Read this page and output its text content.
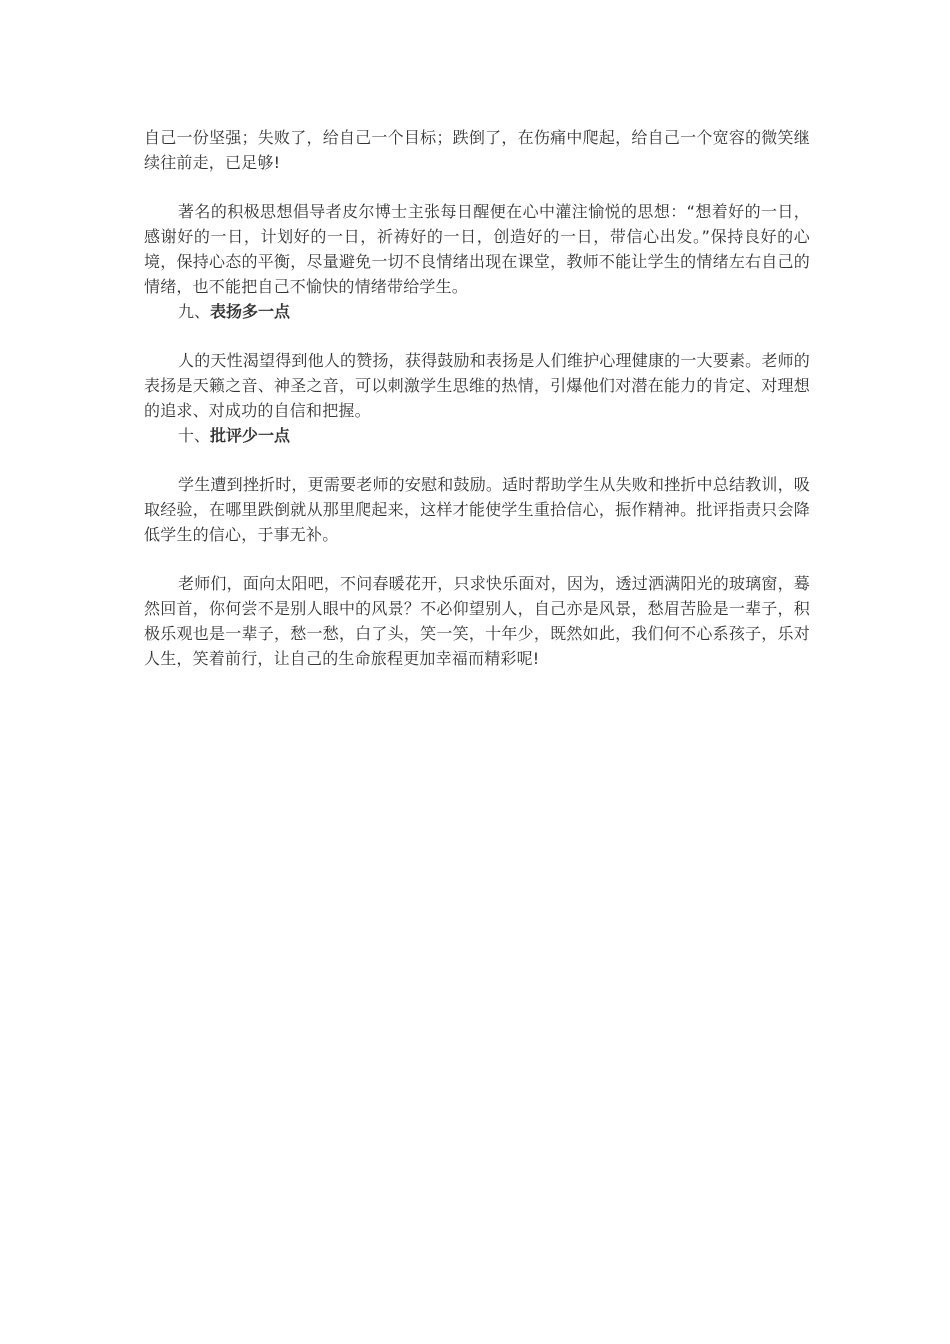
自己一份坚强；失败了，给自己一个目标；跌倒了，在伤痛中爬起，给自己一个宽容的微笑继续往前走，已足够!

著名的积极思想倡导者皮尔博士主张每日醒便在心中灌注愉悦的思想：“想着好的一日，感谢好的一日，计划好的一日，祈祷好的一日，创造好的一日，带信心出发。”保持良好的心境，保持心态的平衡，尽量避免一切不良情绪出现在课堂，教师不能让学生的情绪左右自己的情绪，也不能把自己不愉快的情绪带给学生。

九、表扬多一点

人的天性渴望得到他人的赞扬，获得鼓励和表扬是人们维护心理健康的一大要素。老师的表扬是天籁之音、神圣之音，可以刺激学生思维的热情，引爆他们对潜在能力的肯定、对理想的追求、对成功的自信和把握。

十、批评少一点

学生遭到挫折时，更需要老师的安慰和鼓励。适时帮助学生从失败和挫折中总结教训，吸取经验，在哪里跌倒就从那里爬起来，这样才能使学生重拾信心，振作精神。批评指责只会降低学生的信心，于事无补。

老师们，面向太阳吧，不问春暖花开，只求快乐面对，因为，透过洒满阳光的玻璃窗，蓦然回首，你何尝不是别人眼中的风景？不必仰望别人，自己亦是风景，愁眉苦脸是一辈子，积极乐观也是一辈子，愁一愁，白了头，笑一笑，十年少，既然如此，我们何不心系孩子，乐对人生，笑着前行，让自己的生命旅程更加幸福而精彩呢!
